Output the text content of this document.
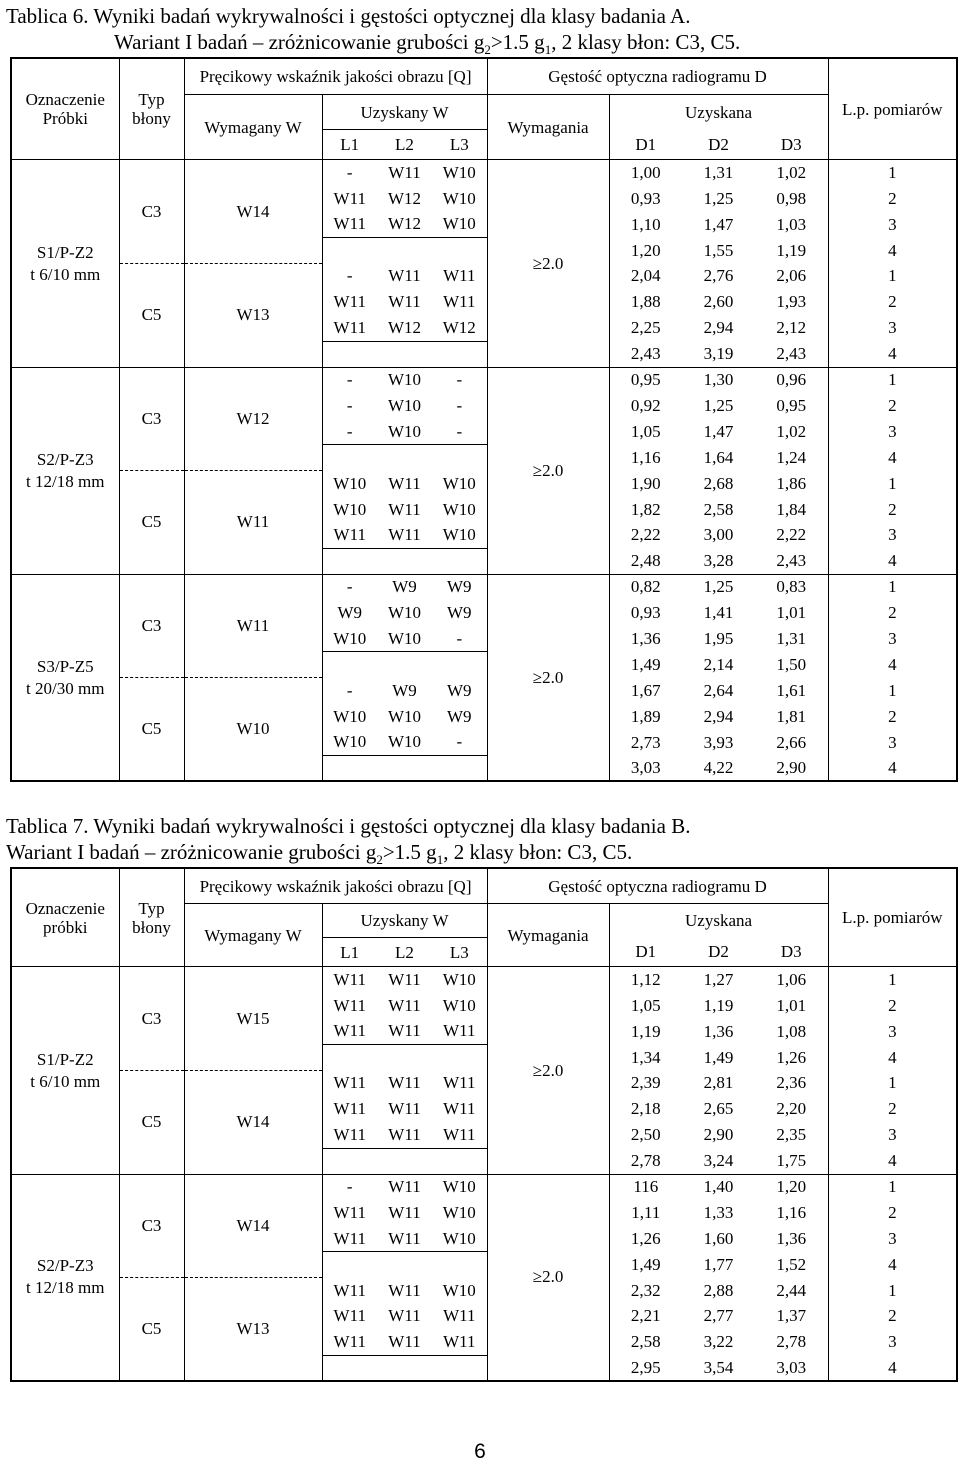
Tablica 6. Wyniki badań wykrywalności i gęstości optycznej dla klasy badania A.
Wariant I badań – zróżnicowanie grubości $g_2>1.5$ $g_1$, 2 klasy błon: C3, C5.
Oznaczenie Próbki	Typ błony	Pręcikowy wskaźnik jakości obrazu [Q]				Gęstość optyczna radiogramu D				L.p. pomiarów
		Wymagany W	Uzyskany W			Wymagania	Uzyskana			
			L1	L2	L3		D1	D2	D3	

S1/P-Z2
t 6/10 mm	C3	W14	-	W11	W10	≥2.0	1,00	1,31	1,02	1
			W11	W12	W10		0,93	1,25	0,98	2
			W11	W12	W10		1,10	1,47	1,03	3
							1,20	1,55	1,19	4
	C5	W13	-	W11	W11		2,04	2,76	2,06	1
			W11	W11	W11		1,88	2,60	1,93	2
			W11	W12	W12		2,25	2,94	2,12	3
							2,43	3,19	2,43	4

S2/P-Z3
t 12/18 mm	C3	W12	-	W10	-	≥2.0	0,95	1,30	0,96	1
			-	W10	-		0,92	1,25	0,95	2
			-	W10	-		1,05	1,47	1,02	3
							1,16	1,64	1,24	4
	C5	W11	W10	W11	W10		1,90	2,68	1,86	1
			W10	W11	W10		1,82	2,58	1,84	2
			W11	W11	W10		2,22	3,00	2,22	3
							2,48	3,28	2,43	4

S3/P-Z5
t 20/30 mm	C3	W11	-	W9	W9	≥2.0	0,82	1,25	0,83	1
			W9	W10	W9		0,93	1,41	1,01	2
			W10	W10	-		1,36	1,95	1,31	3
							1,49	2,14	1,50	4
	C5	W10	-	W9	W9		1,67	2,64	1,61	1
			W10	W10	W9		1,89	2,94	1,81	2
			W10	W10	-		2,73	3,93	2,66	3
							3,03	4,22	2,90	4
Tablica 7. Wyniki badań wykrywalności i gęstości optycznej dla klasy badania B.
Wariant I badań – zróżnicowanie grubości $g_2>1.5$ $g_1$, 2 klasy błon: C3, C5.
Oznaczenie próbki	Typ błony	Pręcikowy wskaźnik jakości obrazu [Q]				Gęstość optyczna radiogramu D				L.p. pomiarów
		Wymagany W	Uzyskany W			Wymagania	Uzyskana			
			L1	L2	L3		D1	D2	D3	

S1/P-Z2
t 6/10 mm	C3	W15	W11	W11	W10	≥2.0	1,12	1,27	1,06	1
			W11	W11	W10		1,05	1,19	1,01	2
			W11	W11	W11		1,19	1,36	1,08	3
							1,34	1,49	1,26	4
	C5	W14	W11	W11	W11		2,39	2,81	2,36	1
			W11	W11	W11		2,18	2,65	2,20	2
			W11	W11	W11		2,50	2,90	2,35	3
							2,78	3,24	1,75	4

S2/P-Z3
t 12/18 mm	C3	W14	-	W11	W10	≥2.0	116	1,40	1,20	1
			W11	W11	W10		1,11	1,33	1,16	2
			W11	W11	W10		1,26	1,60	1,36	3
							1,49	1,77	1,52	4
	C5	W13	W11	W11	W10		2,32	2,88	2,44	1
			W11	W11	W11		2,21	2,77	1,37	2
			W11	W11	W11		2,58	3,22	2,78	3
							2,95	3,54	3,03	4
6
